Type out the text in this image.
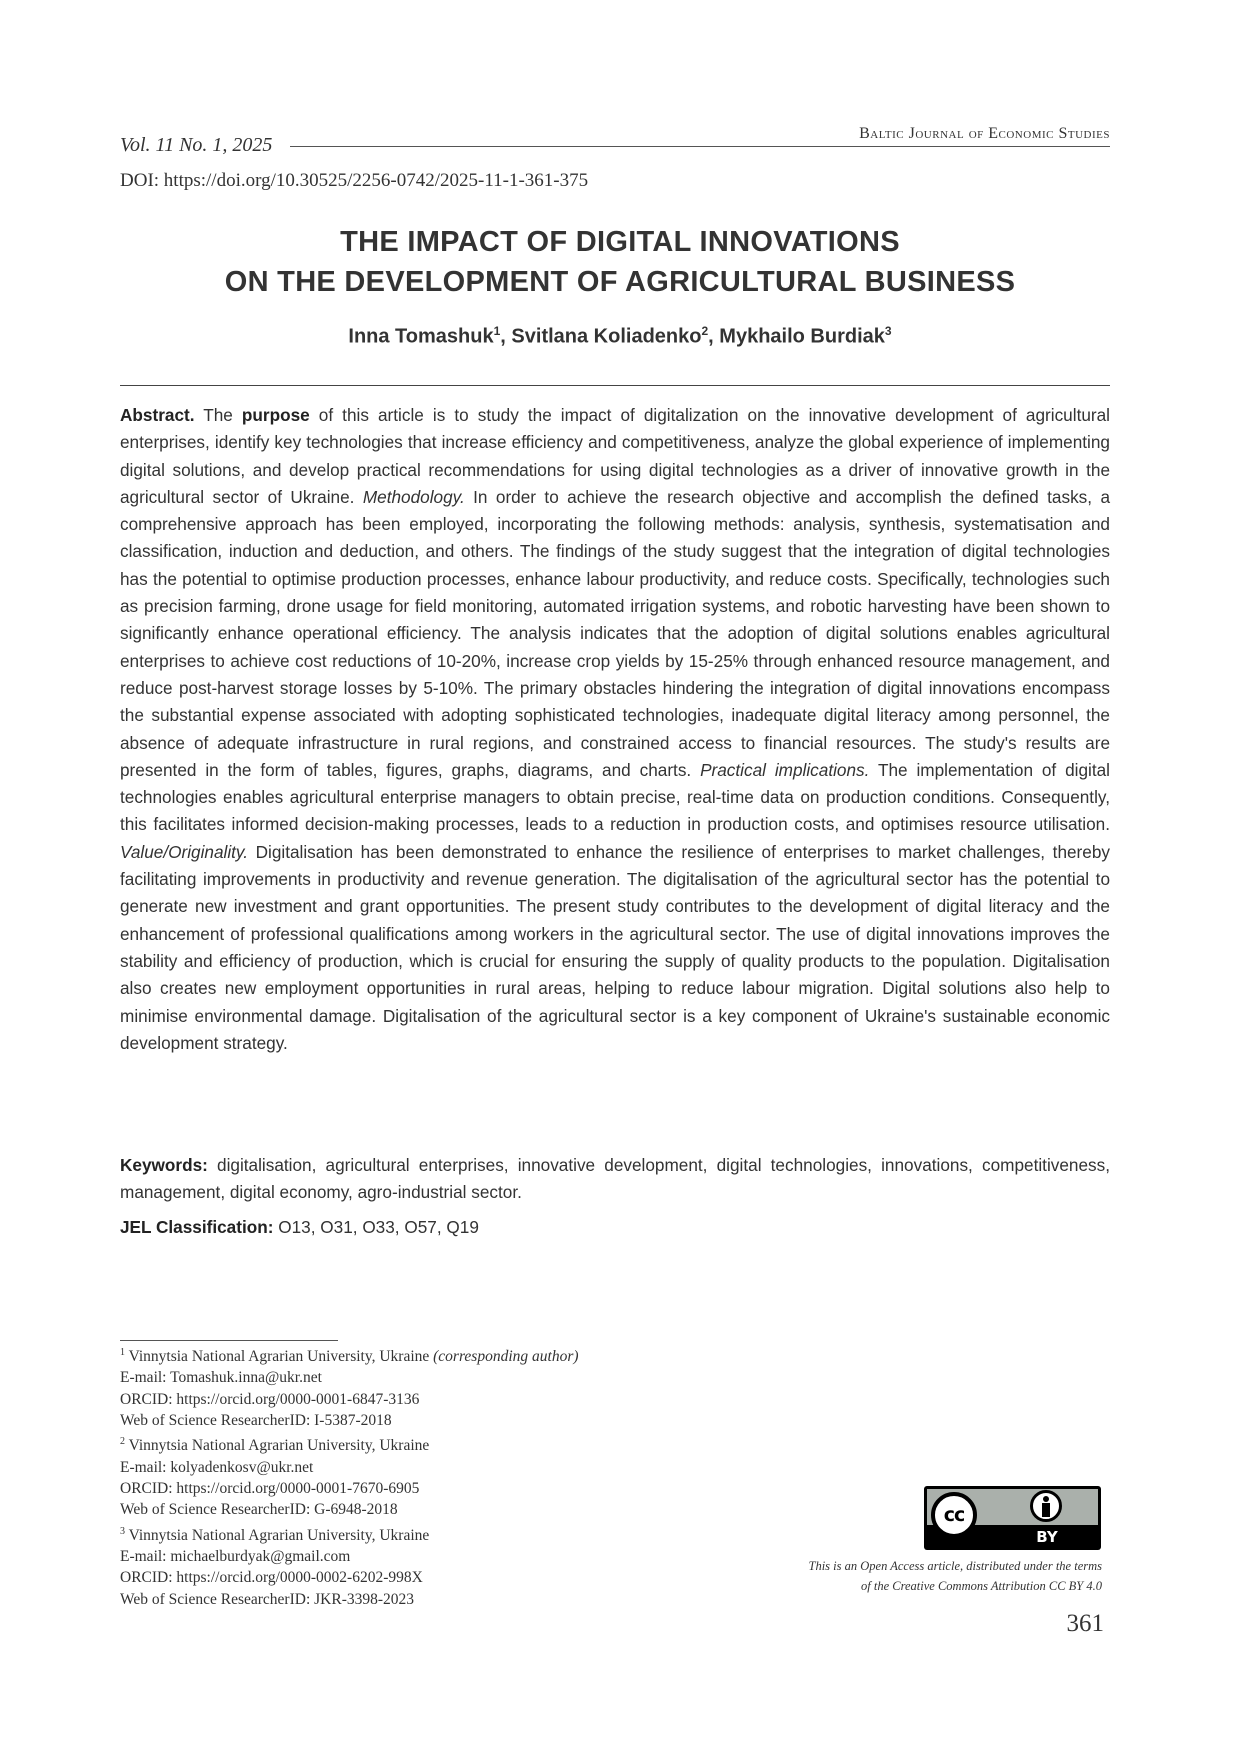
Vol. 11 No. 1, 2025
Baltic Journal of Economic Studies
DOI: https://doi.org/10.30525/2256-0742/2025-11-1-361-375
THE IMPACT OF DIGITAL INNOVATIONS
ON THE DEVELOPMENT OF AGRICULTURAL BUSINESS
Inna Tomashuk$^1$, Svitlana Koliadenko$^2$, Mykhailo Burdiak$^3$
Abstract. The purpose of this article is to study the impact of digitalization on the innovative development of agricultural enterprises, identify key technologies that increase efficiency and competitiveness, analyze the global experience of implementing digital solutions, and develop practical recommendations for using digital technologies as a driver of innovative growth in the agricultural sector of Ukraine. Methodology. In order to achieve the research objective and accomplish the defined tasks, a comprehensive approach has been employed, incorporating the following methods: analysis, synthesis, systematisation and classification, induction and deduction, and others. The findings of the study suggest that the integration of digital technologies has the potential to optimise production processes, enhance labour productivity, and reduce costs. Specifically, technologies such as precision farming, drone usage for field monitoring, automated irrigation systems, and robotic harvesting have been shown to significantly enhance operational efficiency. The analysis indicates that the adoption of digital solutions enables agricultural enterprises to achieve cost reductions of 10-20%, increase crop yields by 15-25% through enhanced resource management, and reduce post-harvest storage losses by 5-10%. The primary obstacles hindering the integration of digital innovations encompass the substantial expense associated with adopting sophisticated technologies, inadequate digital literacy among personnel, the absence of adequate infrastructure in rural regions, and constrained access to financial resources. The study's results are presented in the form of tables, figures, graphs, diagrams, and charts. Practical implications. The implementation of digital technologies enables agricultural enterprise managers to obtain precise, real-time data on production conditions. Consequently, this facilitates informed decision-making processes, leads to a reduction in production costs, and optimises resource utilisation. Value/Originality. Digitalisation has been demonstrated to enhance the resilience of enterprises to market challenges, thereby facilitating improvements in productivity and revenue generation. The digitalisation of the agricultural sector has the potential to generate new investment and grant opportunities. The present study contributes to the development of digital literacy and the enhancement of professional qualifications among workers in the agricultural sector. The use of digital innovations improves the stability and efficiency of production, which is crucial for ensuring the supply of quality products to the population. Digitalisation also creates new employment opportunities in rural areas, helping to reduce labour migration. Digital solutions also help to minimise environmental damage. Digitalisation of the agricultural sector is a key component of Ukraine's sustainable economic development strategy.
Keywords: digitalisation, agricultural enterprises, innovative development, digital technologies, innovations, competitiveness, management, digital economy, agro-industrial sector.
JEL Classification: O13, O31, O33, O57, Q19
$^1$ Vinnytsia National Agrarian University, Ukraine (corresponding author)
E-mail: Tomashuk.inna@ukr.net
ORCID: https://orcid.org/0000-0001-6847-3136
Web of Science ResearcherID: I-5387-2018
$^2$ Vinnytsia National Agrarian University, Ukraine
E-mail: kolyadenkosv@ukr.net
ORCID: https://orcid.org/0000-0001-7670-6905
Web of Science ResearcherID: G-6948-2018
$^3$ Vinnytsia National Agrarian University, Ukraine
E-mail: michaelburdyak@gmail.com
ORCID: https://orcid.org/0000-0002-6202-998X
Web of Science ResearcherID: JKR-3398-2023
cc
BY
This is an Open Access article, distributed under the terms
of the Creative Commons Attribution CC BY 4.0
361
